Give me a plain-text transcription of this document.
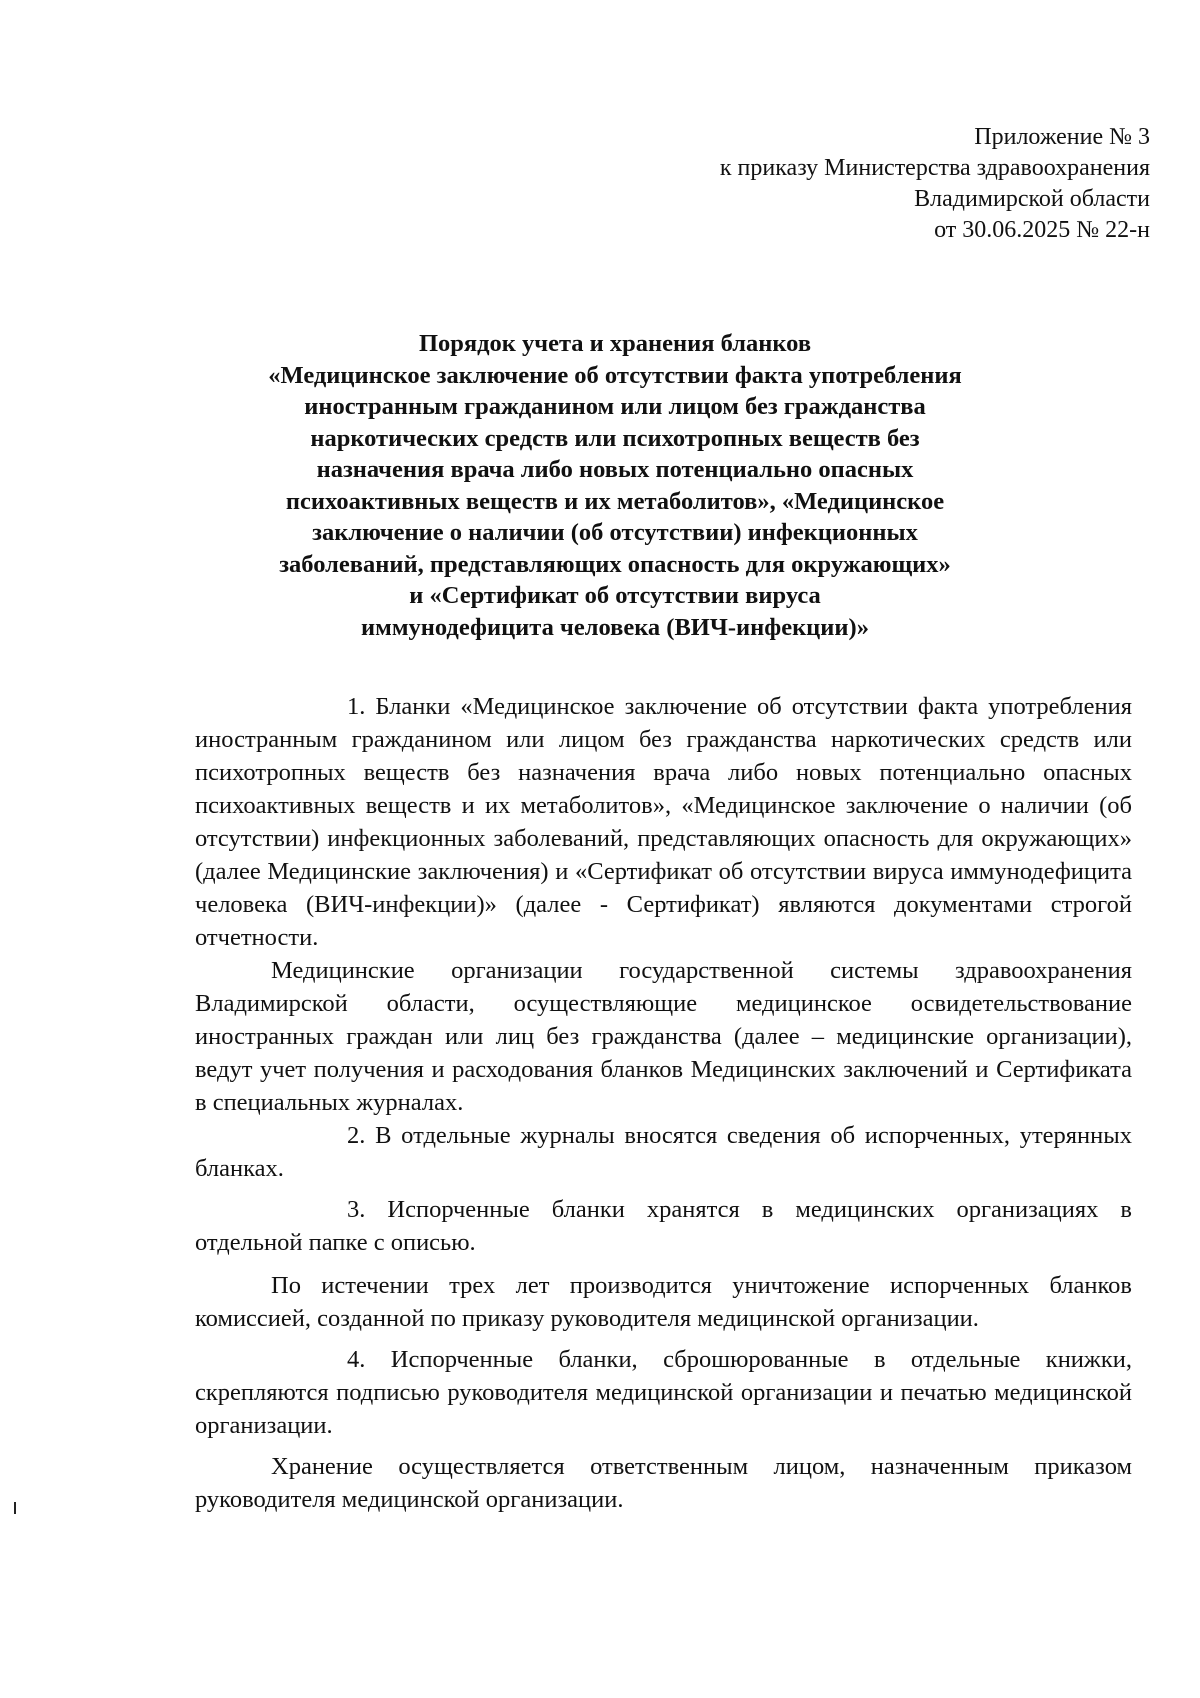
Приложение № 3
к приказу Министерства здравоохранения
Владимирской области
от 30.06.2025 № 22-н
Порядок учета и хранения бланков
«Медицинское заключение об отсутствии факта употребления
иностранным гражданином или лицом без гражданства
наркотических средств или психотропных веществ без
назначения врача либо новых потенциально опасных
психоактивных веществ и их метаболитов», «Медицинское
заключение о наличии (об отсутствии) инфекционных
заболеваний, представляющих опасность для окружающих»
и «Сертификат об отсутствии вируса
иммунодефицита человека (ВИЧ-инфекции)»

1. Бланки «Медицинское заключение об отсутствии факта употребления иностранным гражданином или лицом без гражданства наркотических средств или психотропных веществ без назначения врача либо новых потенциально опасных психоактивных веществ и их метаболитов», «Медицинское заключение о наличии (об отсутствии) инфекционных заболеваний, представляющих опасность для окружающих» (далее Медицинские заключения) и «Сертификат об отсутствии вируса иммунодефицита человека (ВИЧ-инфекции)» (далее - Сертификат) являются документами строгой отчетности.

Медицинские организации государственной системы здравоохранения Владимирской области, осуществляющие медицинское освидетельствование иностранных граждан или лиц без гражданства (далее – медицинские организации), ведут учет получения и расходования бланков Медицинских заключений и Сертификата в специальных журналах.

2. В отдельные журналы вносятся сведения об испорченных, утерянных бланках.

3. Испорченные бланки хранятся в медицинских организациях в отдельной папке с описью.

По истечении трех лет производится уничтожение испорченных бланков комиссией, созданной по приказу руководителя медицинской организации.

4. Испорченные бланки, сброшюрованные в отдельные книжки, скрепляются подписью руководителя медицинской организации и печатью медицинской организации.

Хранение осуществляется ответственным лицом, назначенным приказом руководителя медицинской организации.
